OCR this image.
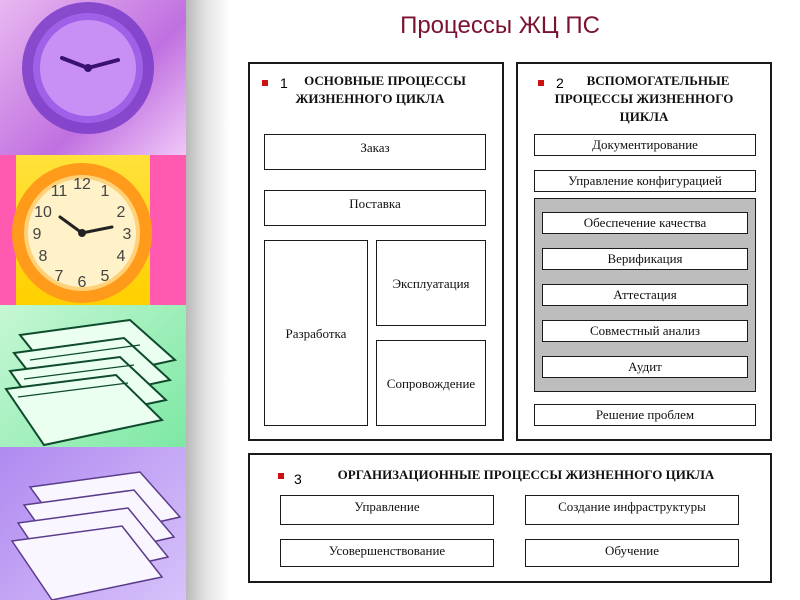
12 1
2
3
4
5
6
7
8
9
10
11
Процессы ЖЦ ПС
1	ОСНОВНЫЕ ПРОЦЕССЫ
ЖИЗНЕННОГО ЦИКЛА
Заказ
Поставка
Разработка
Эксплуатация
Сопровождение
2	ВСПОМОГАТЕЛЬНЫЕ
ПРОЦЕССЫ ЖИЗНЕННОГО
ЦИКЛА
Документирование
Управление конфигурацией
Обеспечение качества
Верификация
Аттестация
Совместный анализ
Аудит
Решение проблем
3	ОРГАНИЗАЦИОННЫЕ ПРОЦЕССЫ ЖИЗНЕННОГО ЦИКЛА
Управление	Создание инфраструктуры
Усовершенствование	Обучение
